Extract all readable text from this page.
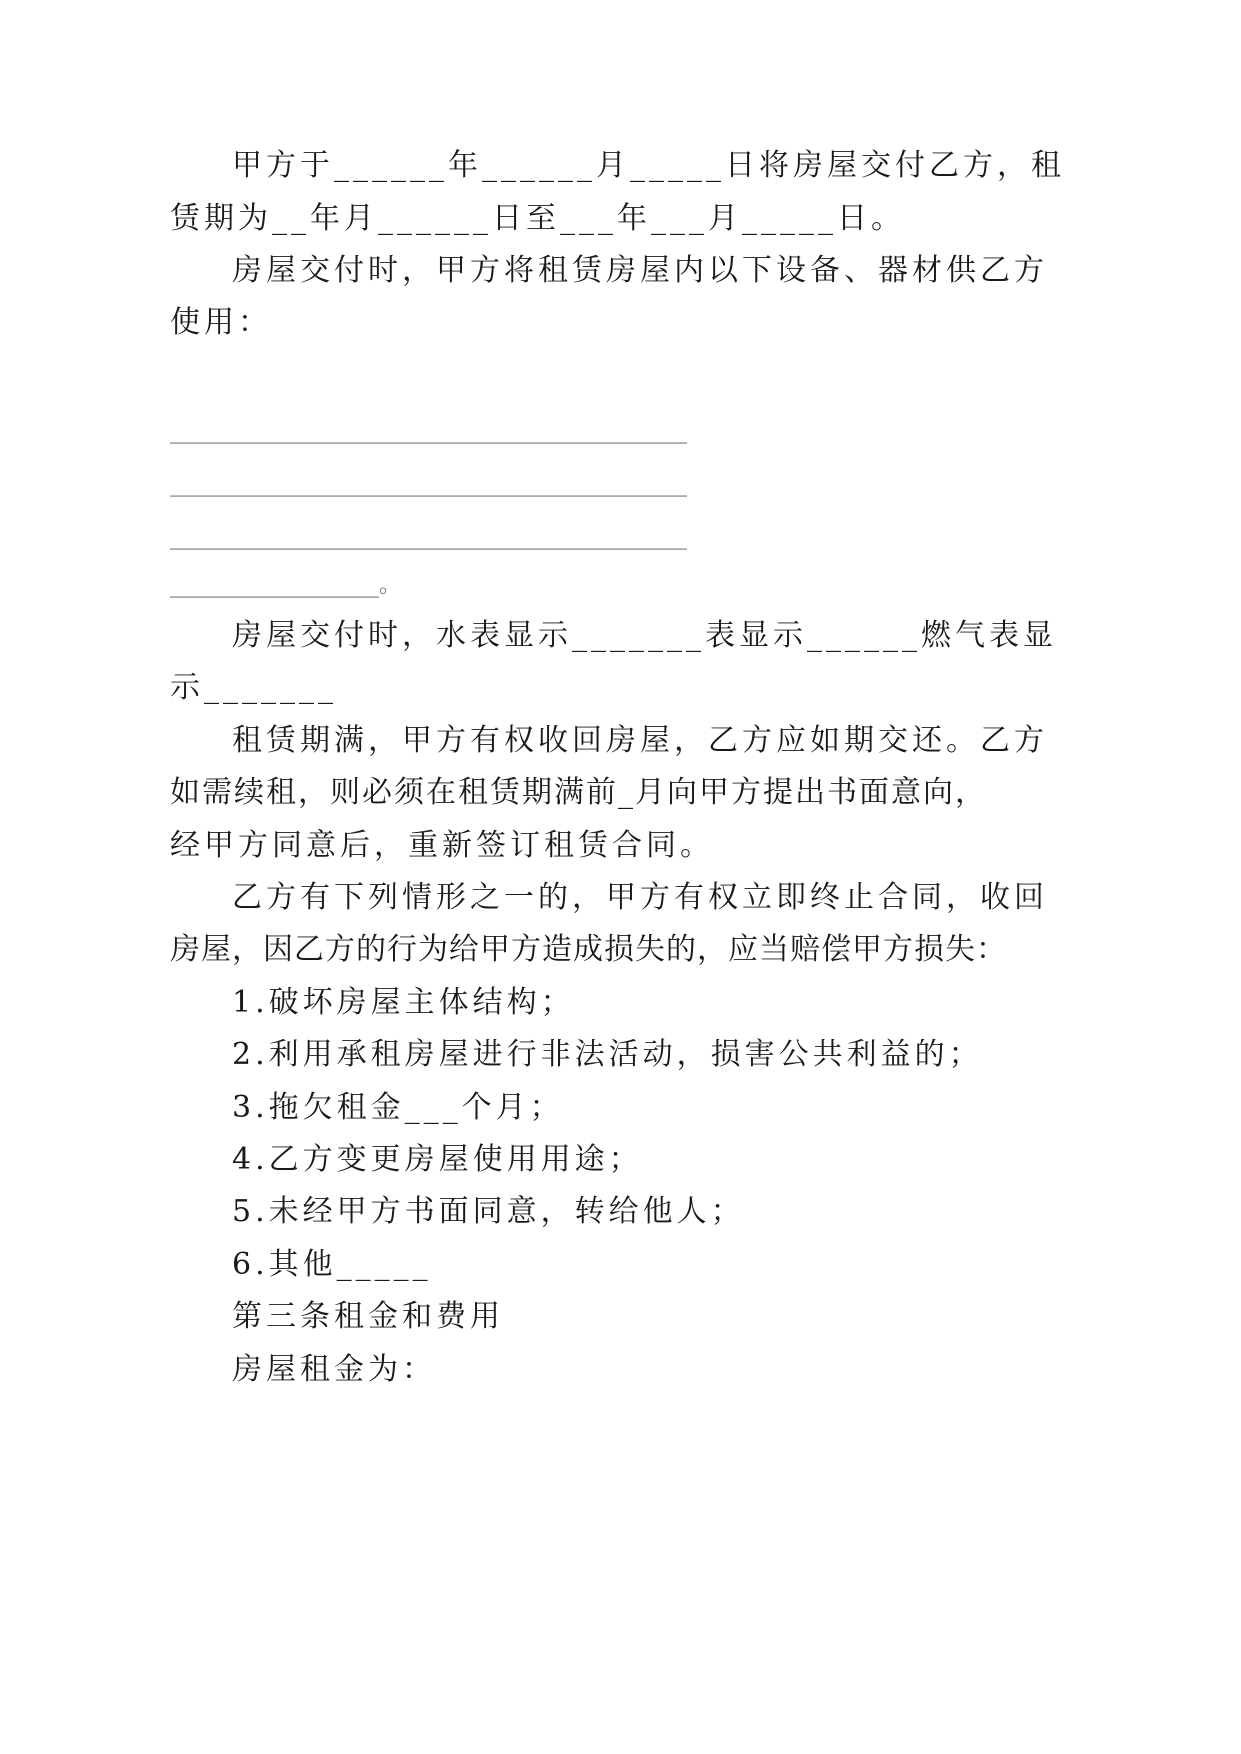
甲方于______年______月_____日将房屋交付乙方，租
赁期为__年月______日至___年___月_____日。
房屋交付时，甲方将租赁房屋内以下设备、器材供乙方
使用：
_______________________________________________
_______________________________________________
_______________________________________________
___________________。
房屋交付时，水表显示_______表显示______燃气表显
示_______
租赁期满，甲方有权收回房屋，乙方应如期交还。乙方
如需续租，则必须在租赁期满前_月向甲方提出书面意向，
经甲方同意后，重新签订租赁合同。
乙方有下列情形之一的，甲方有权立即终止合同，收回
房屋，因乙方的行为给甲方造成损失的，应当赔偿甲方损失：
1.破坏房屋主体结构；
2.利用承租房屋进行非法活动，损害公共利益的；
3.拖欠租金___个月；
4.乙方变更房屋使用用途；
5.未经甲方书面同意，转给他人；
6.其他_____
第三条租金和费用
房屋租金为：
